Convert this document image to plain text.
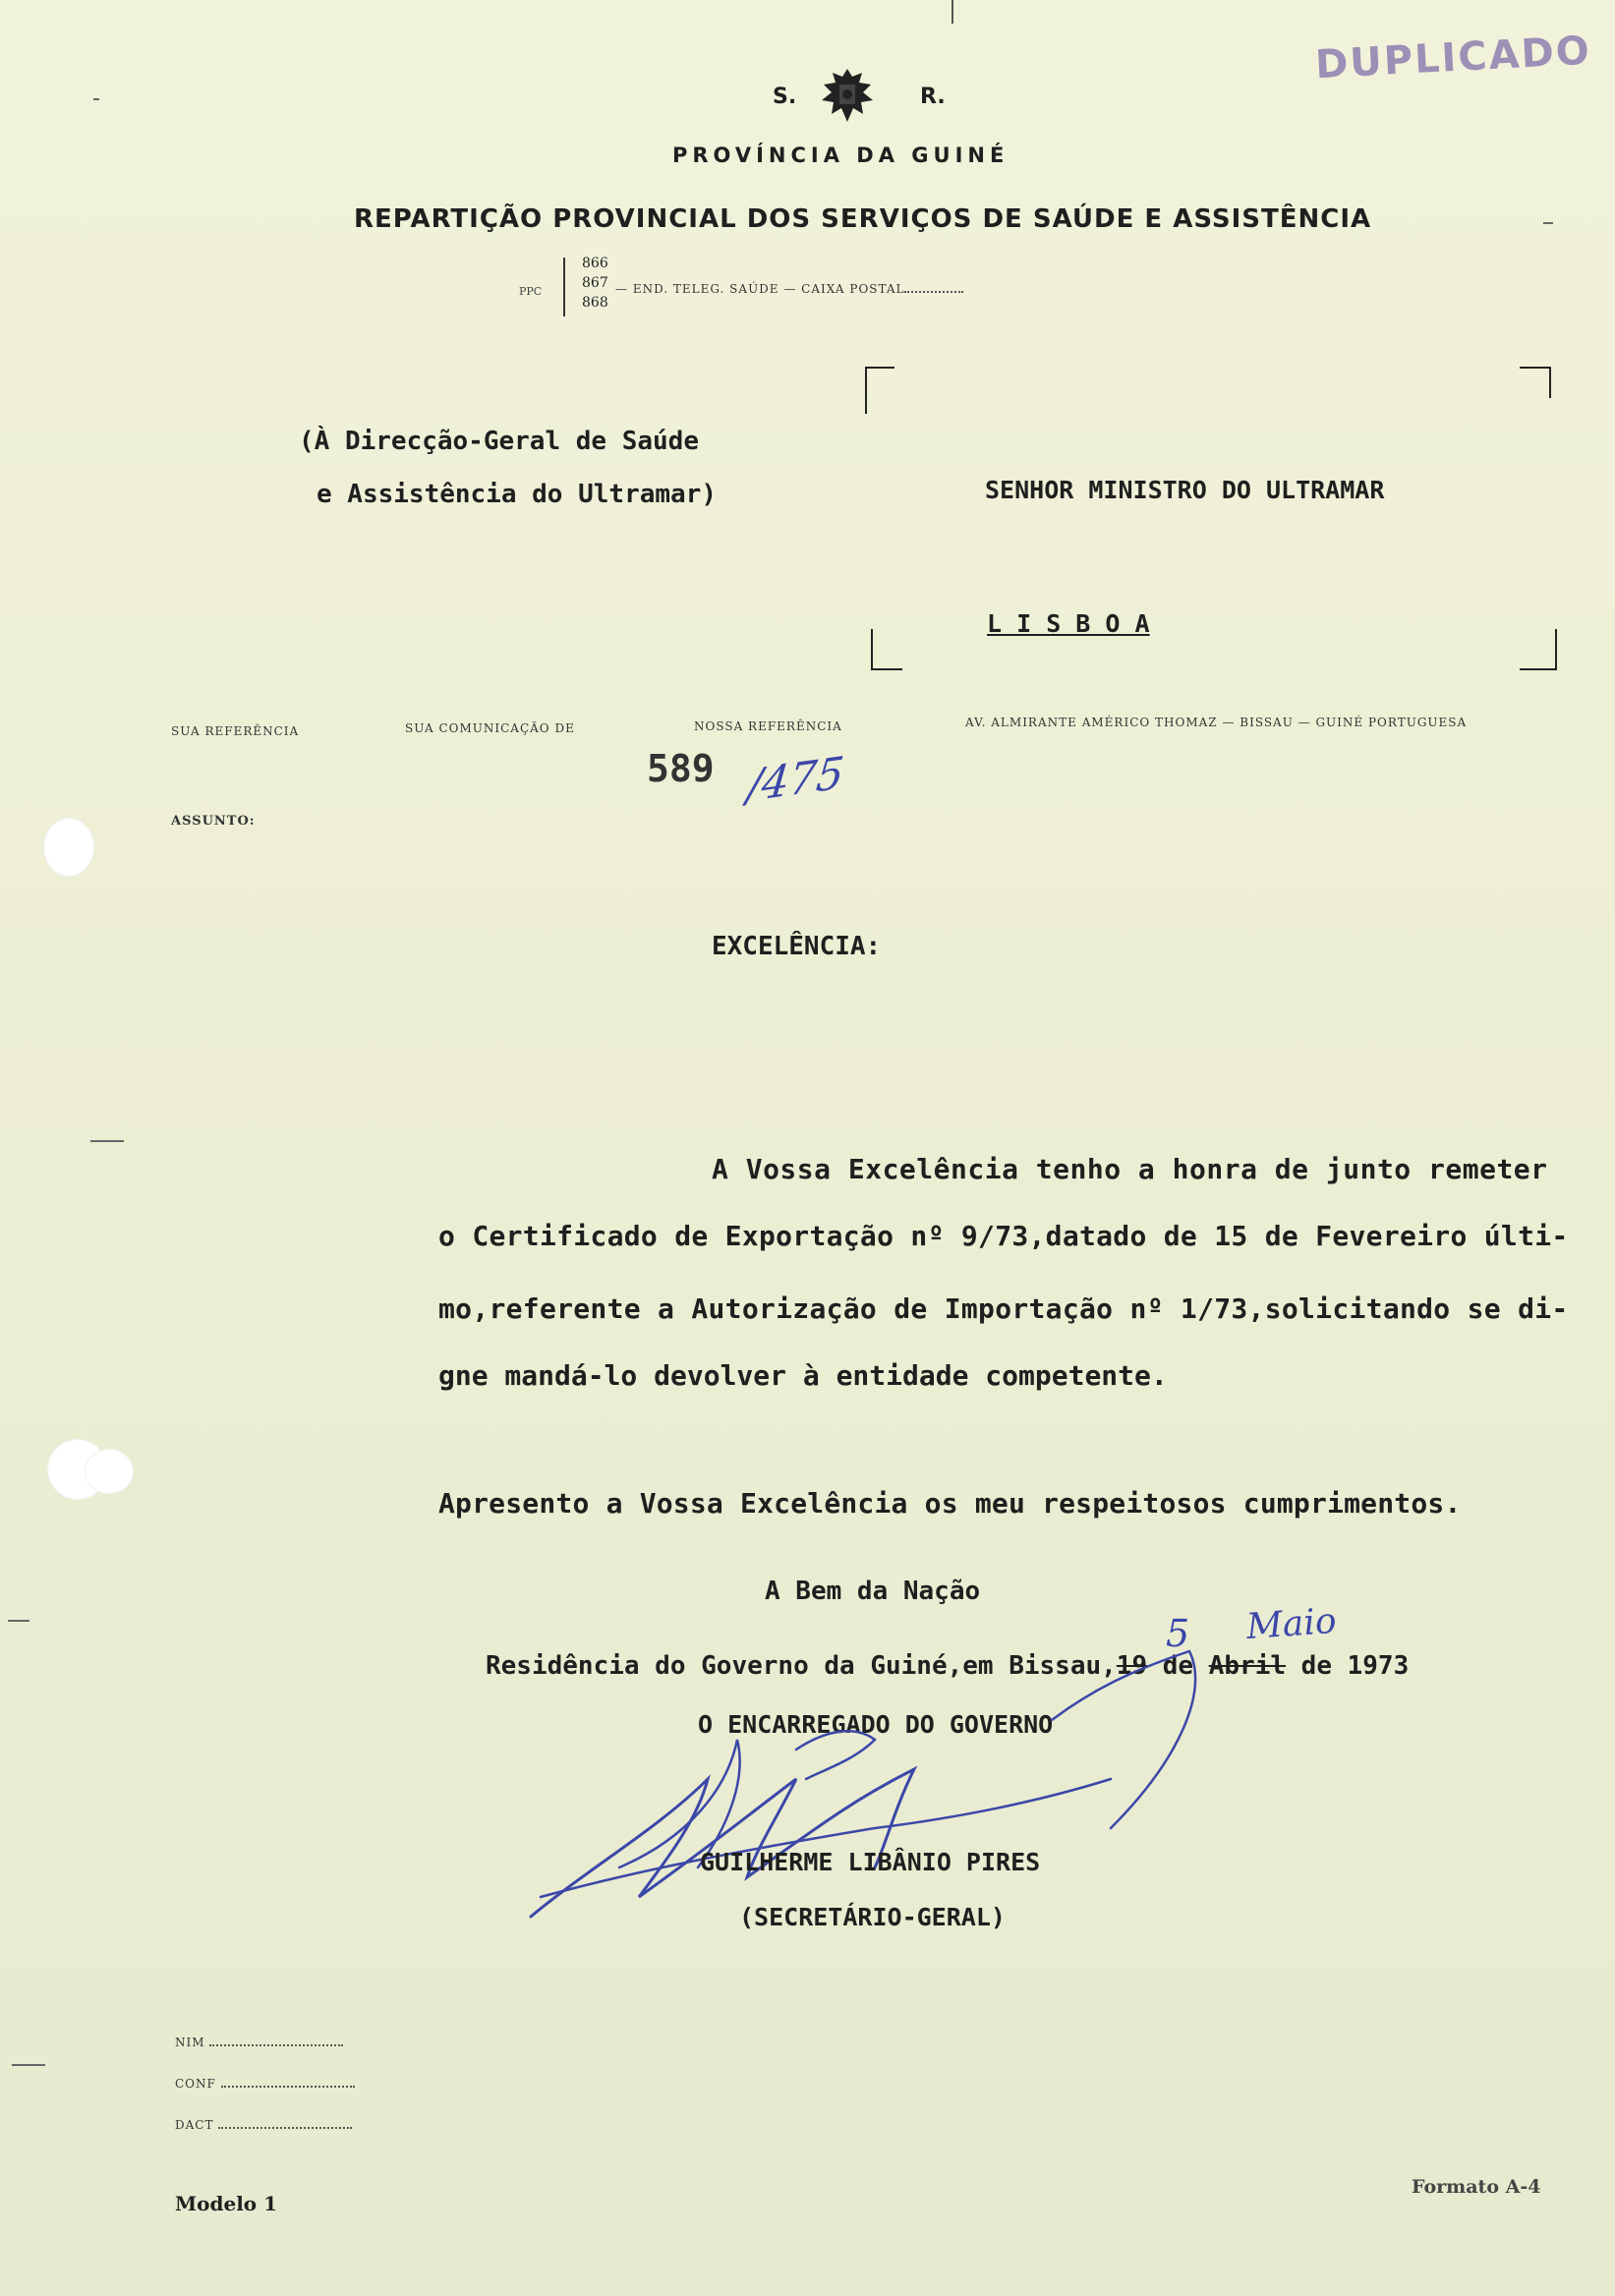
DUPLICADO
S.	R.
PROVÍNCIA DA GUINÉ
REPARTIÇÃO PROVINCIAL DOS SERVIÇOS DE SAÚDE E ASSISTÊNCIA
PPC
866
867
868
— END. TELEG. SAÚDE — CAIXA POSTAL
(À Direcção-Geral de Saúde
e Assistência do Ultramar)	SENHOR MINISTRO DO ULTRAMAR
L I S B O A
SUA REFERÊNCIA	SUA COMUNICAÇÃO DE	NOSSA REFERÊNCIA	AV. ALMIRANTE AMÉRICO THOMAZ — BISSAU — GUINÉ PORTUGUESA
589 /475
ASSUNTO:
EXCELÊNCIA:
A Vossa Excelência tenho a honra de junto remeter
o Certificado de Exportação nº 9/73,datado de 15 de Fevereiro últi-
mo,referente a Autorização de Importação nº 1/73,solicitando se di-
gne mandá-lo devolver à entidade competente.
Apresento a Vossa Excelência os meu respeitosos cumprimentos.
A Bem da Nação
Residência do Governo da Guiné,em Bissau,19 de Abril de 1973
5 Maio
O ENCARREGADO DO GOVERNO
GUILHERME LIBÂNIO PIRES
(SECRETÁRIO-GERAL)
NIM
CONF
DACT
Modelo 1
Formato A-4
